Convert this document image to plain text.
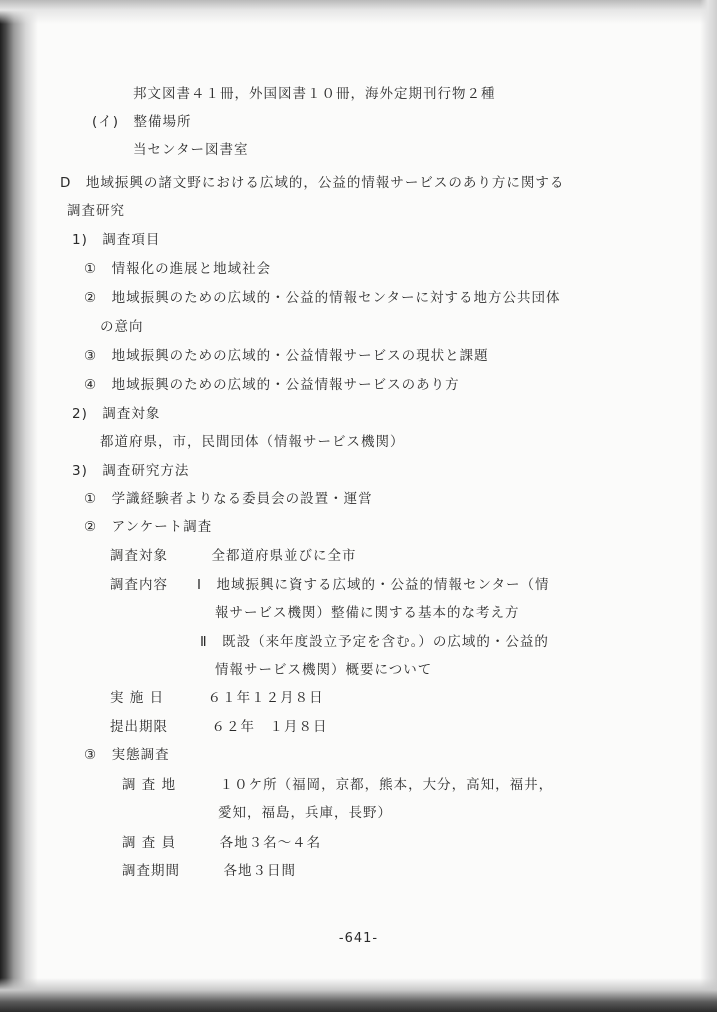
邦文図書４１冊，外国図書１０冊，海外定期刊行物２種
(イ)　整備場所
当センター図書室
D　地域振興の諸文野における広域的，公益的情報サービスのあり方に関する
調査研究
1)　調査項目
①　情報化の進展と地域社会
②　地域振興のための広域的・公益的情報センターに対する地方公共団体
の意向
③　地域振興のための広域的・公益情報サービスの現状と課題
④　地域振興のための広域的・公益情報サービスのあり方
2)　調査対象
都道府県，市，民間団体（情報サービス機関）
3)　調査研究方法
①　学識経験者よりなる委員会の設置・運営
②　アンケート調査
調査対象　　　全都道府県並びに全市
調査内容　　Ⅰ　地域振興に資する広域的・公益的情報センター（情
報サービス機関）整備に関する基本的な考え方
Ⅱ　既設（来年度設立予定を含む。）の広域的・公益的
情報サービス機関）概要について
実 施 日　　　６１年１２月８日
提出期限　　　６２年　１月８日
③　実態調査
調 査 地　　　１０ケ所（福岡，京都，熊本，大分，高知，福井，
愛知，福島，兵庫，長野）
調 査 員　　　各地３名～４名
調査期間　　　各地３日間
-641-
